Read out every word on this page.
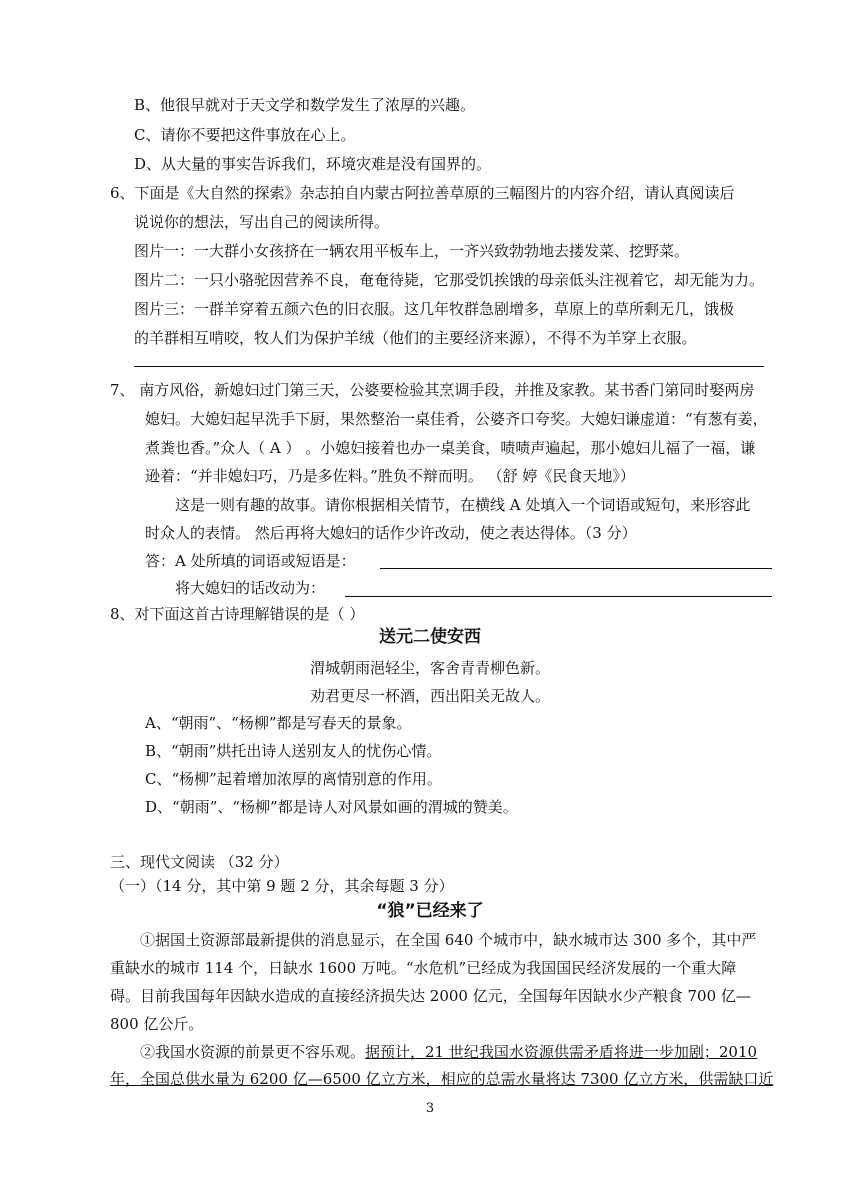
B、他很早就对于天文学和数学发生了浓厚的兴趣。
C、请你不要把这件事放在心上。
D、从大量的事实告诉我们，环境灾难是没有国界的。
6、下面是《大自然的探索》杂志拍自内蒙古阿拉善草原的三幅图片的内容介绍，请认真阅读后
说说你的想法，写出自己的阅读所得。
图片一：一大群小女孩挤在一辆农用平板车上，一齐兴致勃勃地去搂发菜、挖野菜。
图片二：一只小骆驼因营养不良，奄奄待毙，它那受饥挨饿的母亲低头注视着它，却无能为力。
图片三：一群羊穿着五颜六色的旧衣服。这几年牧群急剧增多，草原上的草所剩无几，饿极
的羊群相互啃咬，牧人们为保护羊绒（他们的主要经济来源），不得不为羊穿上衣服。
7、 南方风俗，新媳妇过门第三天，公婆要检验其烹调手段，并推及家教。某书香门第同时娶两房
媳妇。大媳妇起早洗手下厨，果然整治一桌佳肴，公婆齐口夸奖。大媳妇谦虚道：“有葱有姜，
煮粪也香。”众人（ A ） 。小媳妇接着也办一桌美食，啧啧声遍起，那小媳妇儿福了一福，谦
逊着：“并非媳妇巧，乃是多佐料。”胜负不辩而明。 （舒 婷《民食天地》）
这是一则有趣的故事。请你根据相关情节，在横线 A 处填入一个词语或短句，来形容此
时众人的表情。 然后再将大媳妇的话作少许改动，使之表达得体。（3 分）
答：A 处所填的词语或短语是：
将大媳妇的话改动为：
8、对下面这首古诗理解错误的是（ ）
送元二使安西
渭城朝雨浥轻尘，客舍青青柳色新。
劝君更尽一杯酒，西出阳关无故人。
A、“朝雨”、“杨柳”都是写春天的景象。
B、“朝雨”烘托出诗人送别友人的忧伤心情。
C、“杨柳”起着增加浓厚的离情别意的作用。
D、“朝雨”、“杨柳”都是诗人对风景如画的渭城的赞美。
三、现代文阅读 （32 分）
（一）（14 分，其中第 9 题 2 分，其余每题 3 分）
“狼”已经来了
①据国土资源部最新提供的消息显示，在全国 640 个城市中，缺水城市达 300 多个，其中严
重缺水的城市 114 个，日缺水 1600 万吨。“水危机”已经成为我国国民经济发展的一个重大障
碍。目前我国每年因缺水造成的直接经济损失达 2000 亿元，全国每年因缺水少产粮食 700 亿—
800 亿公斤。
②我国水资源的前景更不容乐观。据预计，21 世纪我国水资源供需矛盾将进一步加剧；2010
年，全国总供水量为 6200 亿—6500 亿立方米，相应的总需水量将达 7300 亿立方米，供需缺口近
3
